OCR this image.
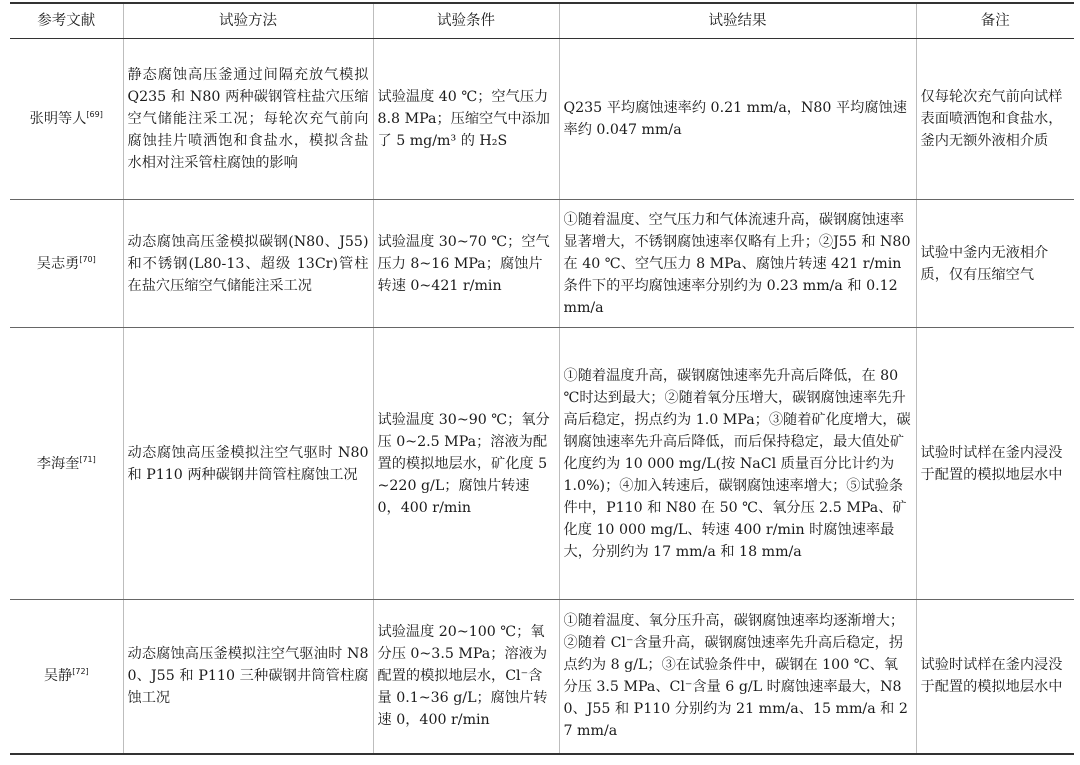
参考文献	试验方法	试验条件	试验结果	备注
张明等人[69]	静态腐蚀高压釜通过间隔充放气模拟 Q235 和 N80 两种碳钢管柱盐穴压缩空气储能注采工况；每轮次充气前向腐蚀挂片喷洒饱和食盐水，模拟含盐水相对注采管柱腐蚀的影响	试验温度 40 ℃；空气压力 8.8 MPa；压缩空气中添加了 5 mg/m³ 的 H₂S	Q235 平均腐蚀速率约 0.21 mm/a，N80 平均腐蚀速率约 0.047 mm/a	仅每轮次充气前向试样表面喷洒饱和食盐水，釜内无额外液相介质
吴志勇[70]	动态腐蚀高压釜模拟碳钢(N80、J55)和不锈钢(L80-13、超级 13Cr)管柱在盐穴压缩空气储能注采工况	试验温度 30~70 ℃；空气压力 8~16 MPa；腐蚀片转速 0~421 r/min	①随着温度、空气压力和气体流速升高，碳钢腐蚀速率显著增大，不锈钢腐蚀速率仅略有上升；②J55 和 N80 在 40 ℃、空气压力 8 MPa、腐蚀片转速 421 r/min 条件下的平均腐蚀速率分别约为 0.23 mm/a 和 0.12 mm/a	试验中釜内无液相介质，仅有压缩空气
李海奎[71]	动态腐蚀高压釜模拟注空气驱时 N80 和 P110 两种碳钢井筒管柱腐蚀工况	试验温度 30~90 ℃；氧分压 0~2.5 MPa；溶液为配置的模拟地层水，矿化度 5~220 g/L；腐蚀片转速 0，400 r/min	①随着温度升高，碳钢腐蚀速率先升高后降低，在 80 ℃时达到最大；②随着氧分压增大，碳钢腐蚀速率先升高后稳定，拐点约为 1.0 MPa；③随着矿化度增大，碳钢腐蚀速率先升高后降低，而后保持稳定，最大值处矿化度约为 10 000 mg/L(按 NaCl 质量百分比计约为 1.0%)；④加入转速后，碳钢腐蚀速率增大；⑤试验条件中，P110 和 N80 在 50 ℃、氧分压 2.5 MPa、矿化度 10 000 mg/L、转速 400 r/min 时腐蚀速率最大，分别约为 17 mm/a 和 18 mm/a	试验时试样在釜内浸没于配置的模拟地层水中
吴静[72]	动态腐蚀高压釜模拟注空气驱油时 N80、J55 和 P110 三种碳钢井筒管柱腐蚀工况	试验温度 20~100 ℃；氧分压 0~3.5 MPa；溶液为配置的模拟地层水，Cl⁻含量 0.1~36 g/L；腐蚀片转速 0，400 r/min	①随着温度、氧分压升高，碳钢腐蚀速率均逐渐增大；②随着 Cl⁻含量升高，碳钢腐蚀速率先升高后稳定，拐点约为 8 g/L；③在试验条件中，碳钢在 100 ℃、氧分压 3.5 MPa、Cl⁻含量 6 g/L 时腐蚀速率最大，N80、J55 和 P110 分别约为 21 mm/a、15 mm/a 和 27 mm/a	试验时试样在釜内浸没于配置的模拟地层水中
